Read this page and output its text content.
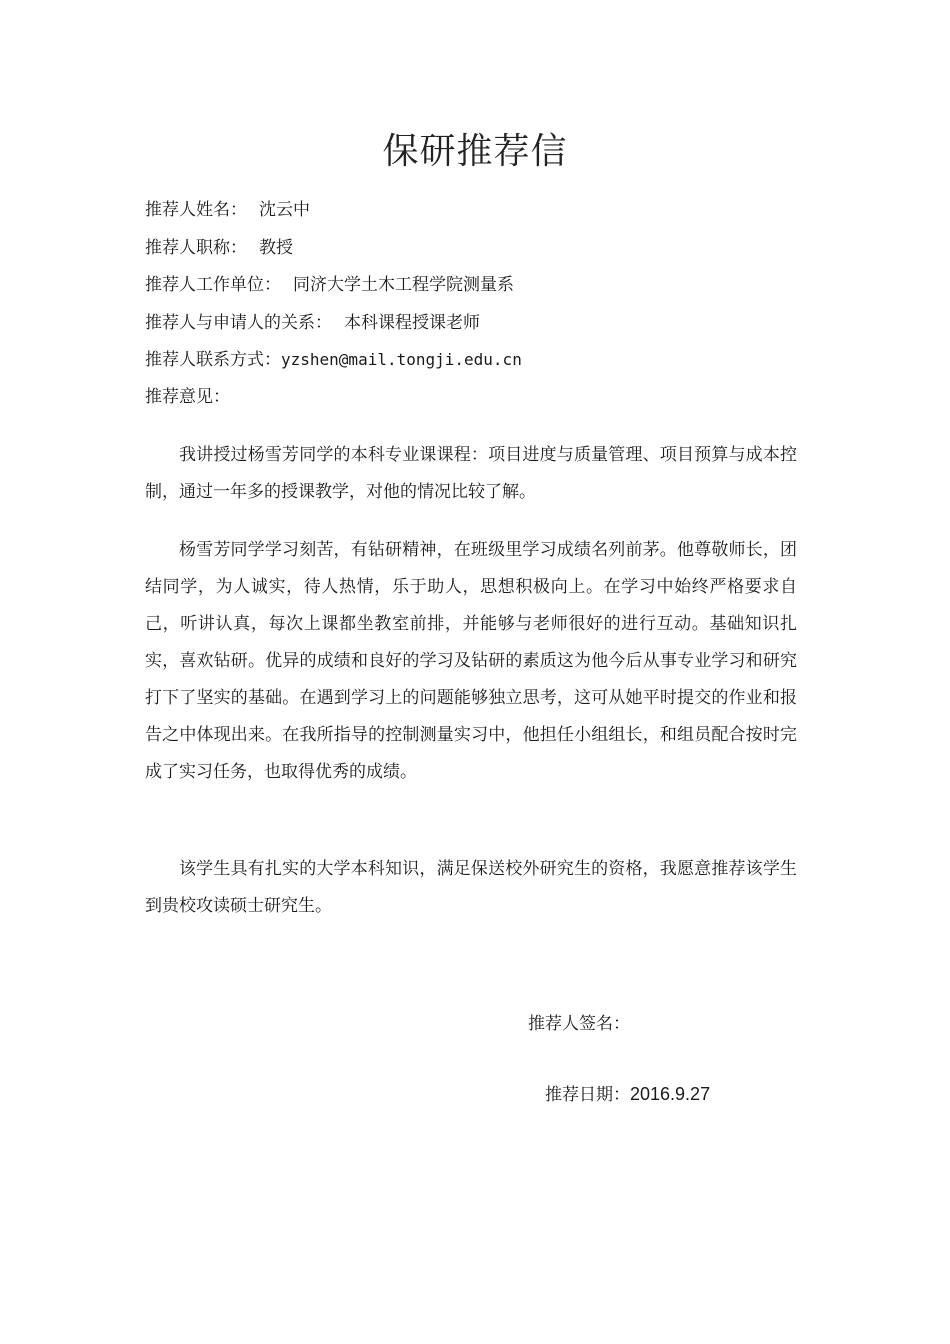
保研推荐信
推荐人姓名： 沈云中
推荐人职称： 教授
推荐人工作单位： 同济大学土木工程学院测量系
推荐人与申请人的关系： 本科课程授课老师
推荐人联系方式：yzshen@mail.tongji.edu.cn
推荐意见：

我讲授过杨雪芳同学的本科专业课课程：项目进度与质量管理、项目预算与成本控制，通过一年多的授课教学，对他的情况比较了解。

杨雪芳同学学习刻苦，有钻研精神，在班级里学习成绩名列前茅。他尊敬师长，团结同学，为人诚实，待人热情，乐于助人，思想积极向上。在学习中始终严格要求自己，听讲认真，每次上课都坐教室前排，并能够与老师很好的进行互动。基础知识扎实，喜欢钻研。优异的成绩和良好的学习及钻研的素质这为他今后从事专业学习和研究打下了坚实的基础。在遇到学习上的问题能够独立思考，这可从她平时提交的作业和报告之中体现出来。在我所指导的控制测量实习中，他担任小组组长，和组员配合按时完成了实习任务，也取得优秀的成绩。

该学生具有扎实的大学本科知识，满足保送校外研究生的资格，我愿意推荐该学生到贵校攻读硕士研究生。

推荐人签名：
推荐日期：2016.9.27
